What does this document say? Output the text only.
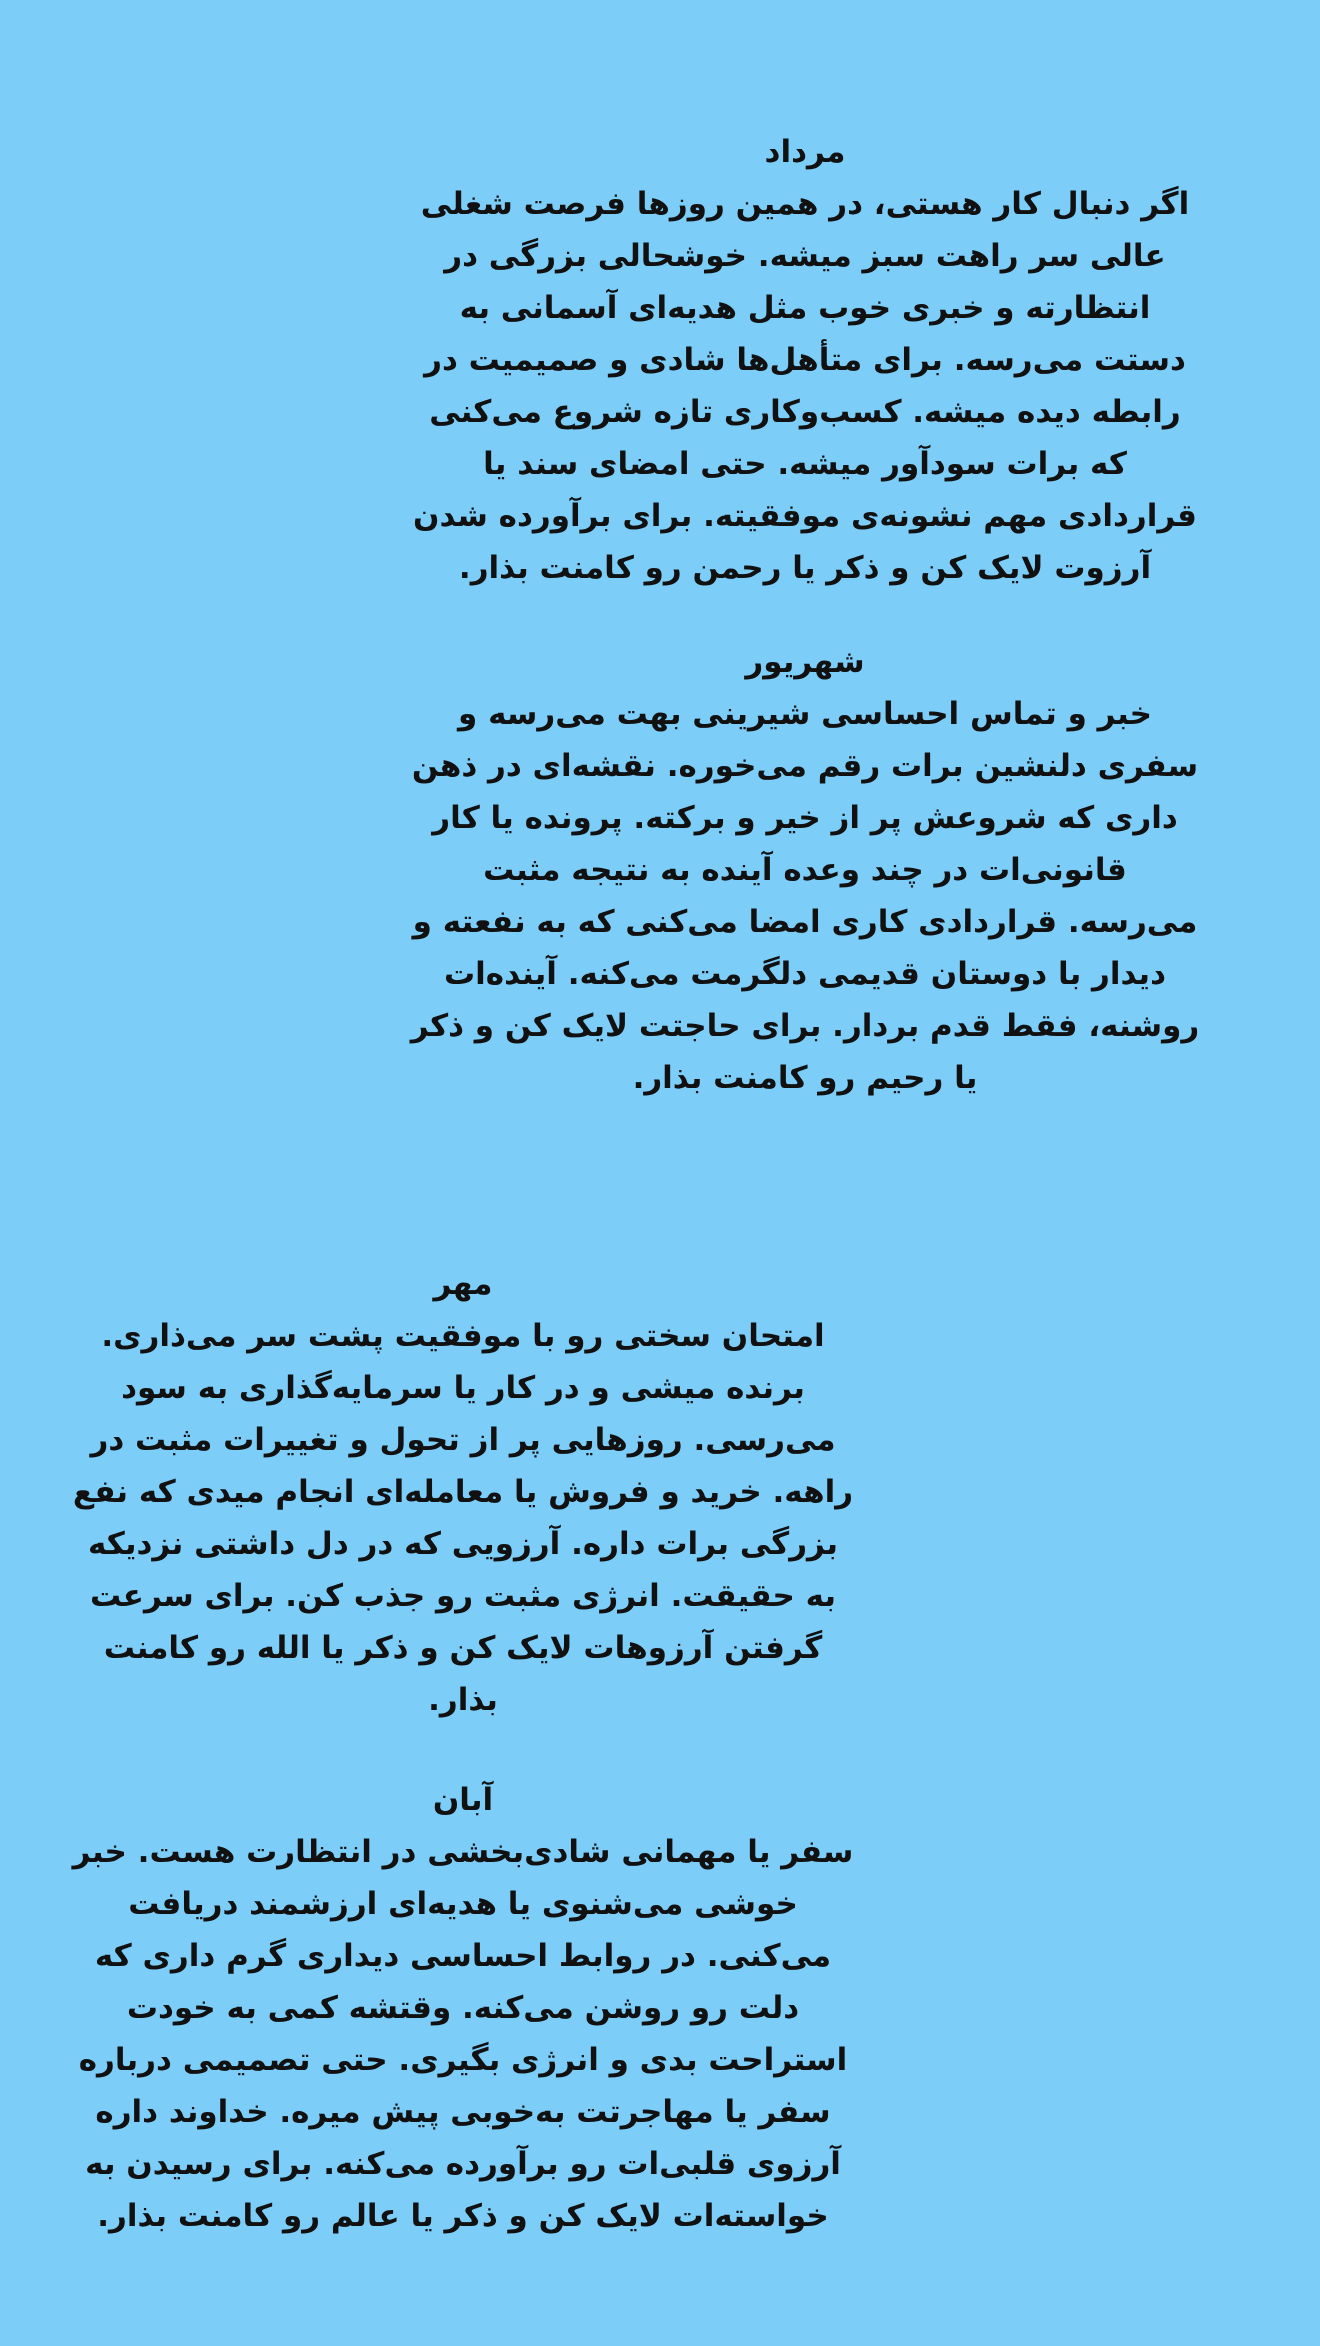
مرداد
اگر دنبال کار هستی، در همین روزها فرصت شغلی
عالی سر راهت سبز میشه. خوشحالی بزرگی در
انتظارته و خبری خوب مثل هدیه‌ای آسمانی به
دستت می‌رسه. برای متأهل‌ها شادی و صمیمیت در
رابطه دیده میشه. کسب‌وکاری تازه شروع می‌کنی
که برات سودآور میشه. حتی امضای سند یا
قراردادی مهم نشونه‌ی موفقیته. برای برآورده شدن
آرزوت لایک کن و ذکر یا رحمن رو کامنت بذار.
شهریور
خبر و تماس احساسی شیرینی بهت می‌رسه و
سفری دلنشین برات رقم می‌خوره. نقشه‌ای در ذهن
داری که شروعش پر از خیر و برکته. پرونده یا کار
قانونی‌ات در چند وعده آینده به نتیجه مثبت
می‌رسه. قراردادی کاری امضا می‌کنی که به نفعته و
دیدار با دوستان قدیمی دلگرمت می‌کنه. آینده‌ات
روشنه، فقط قدم بردار. برای حاجتت لایک کن و ذکر
یا رحیم رو کامنت بذار.
مهر
امتحان سختی رو با موفقیت پشت سر می‌ذاری.
برنده میشی و در کار یا سرمایه‌گذاری به سود
می‌رسی. روزهایی پر از تحول و تغییرات مثبت در
راهه. خرید و فروش یا معامله‌ای انجام میدی که نفع
بزرگی برات داره. آرزویی که در دل داشتی نزدیکه
به حقیقت. انرژی مثبت رو جذب کن. برای سرعت
گرفتن آرزوهات لایک کن و ذکر یا الله رو کامنت
بذار.
آبان
سفر یا مهمانی شادی‌بخشی در انتظارت هست. خبر
خوشی می‌شنوی یا هدیه‌ای ارزشمند دریافت
می‌کنی. در روابط احساسی دیداری گرم داری که
دلت رو روشن می‌کنه. وقتشه کمی به خودت
استراحت بدی و انرژی بگیری. حتی تصمیمی درباره
سفر یا مهاجرتت به‌خوبی پیش میره. خداوند داره
آرزوی قلبی‌ات رو برآورده می‌کنه. برای رسیدن به
خواسته‌ات لایک کن و ذکر یا عالم رو کامنت بذار.
